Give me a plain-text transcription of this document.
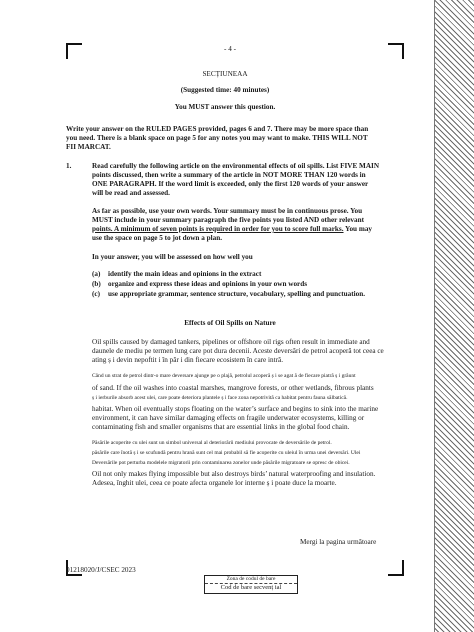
- 4 -
SECȚIUNEAA
(Suggested time: 40 minutes)
You MUST answer this question.
Write your answer on the RULED PAGES provided, pages 6 and 7. There may be more space than
you need. There is a blank space on page 5 for any notes you may want to make. THIS WILL NOT
FII MARCAT.
1.	Read carefully the following article on the environmental effects of oil spills. List FIVE MAIN
points discussed, then write a summary of the article in NOT MORE THAN 120 words in
ONE PARAGRAPH. If the word limit is exceeded, only the first 120 words of your answer
will be read and assessed.
As far as possible, use your own words. Your summary must be in continuous prose. You
MUST include in your summary paragraph the five points you listed AND other relevant
points. A minimum of seven points is required in order for you to score full marks. You may
use the space on page 5 to jot down a plan.
In your answer, you will be assessed on how well you
(a) identify the main ideas and opinions in the extract
(b) organize and express these ideas and opinions in your own words
(c) use appropriate grammar, sentence structure, vocabulary, spelling and punctuation.
Effects of Oil Spills on Nature
Oil spills caused by damaged tankers, pipelines or offshore oil rigs often result in immediate and
daunele de mediu pe termen lung care pot dura decenii. Aceste deversări de petrol acoperă tot ceea ce
ating ș i devin nepoftit i în păr i din fiecare ecosistem în care intră.
Când un strat de petrol dintr-o mare deversare ajunge pe o plajă, petrolul acoperă ș i se agat ă de fiecare piatră ș i grăunt
of sand. If the oil washes into coastal marshes, mangrove forests, or other wetlands, fibrous plants
ș i ierburile absorb acest ulei, care poate deteriora plantele ș i face zona nepotrivită ca habitat pentru fauna sălbatică.
habitat. When oil eventually stops floating on the water’s surface and begins to sink into the marine
environment, it can have similar damaging effects on fragile underwater ecosystems, killing or
contaminating fish and smaller organisms that are essential links in the global food chain.
Păsările acoperite cu ulei sunt un simbol universal al deteriorării mediului provocate de deversările de petrol.
păsările care înotă ș i se scufundă pentru hrană sunt cel mai probabil să fie acoperite cu uleiul în urma unei deversări. Ulei
Deversările pot perturba modelele migratorii prin contaminarea zonelor unde păsările migratoare se opresc de obicei.
Oil not only makes flying impossible but also destroys birds’ natural waterproofing and insulation.
Adesea, înghit ulei, ceea ce poate afecta organele lor interne ș i poate duce la moarte.
Mergi la pagina următoare
01218020/J/CSEC 2023
Zona de codul de bare
Cod de bare secvenț ial
